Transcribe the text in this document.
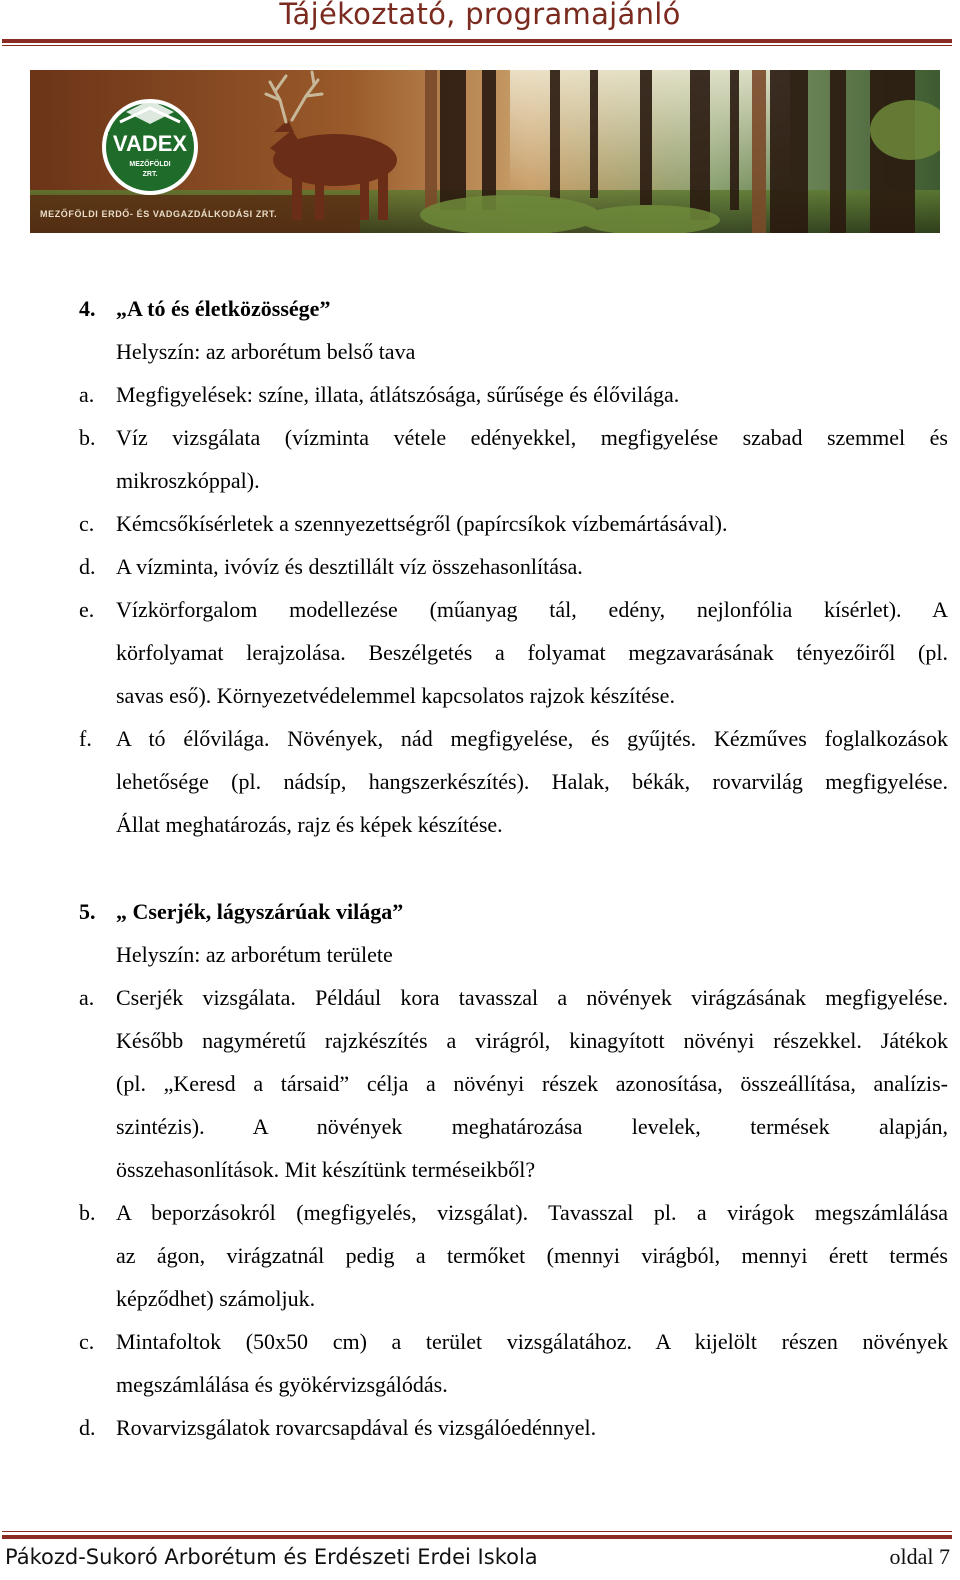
Tájékoztató, programajánló
VADEX
MEZŐFÖLDI
ZRT.
MEZŐFÖLDI ERDŐ- ÉS VADGAZDÁLKODÁSI ZRT.
4. „A tó és életközössége”
Helyszín: az arborétum belső tava
a. Megfigyelések: színe, illata, átlátszósága, sűrűsége és élővilága.
b. Víz vizsgálata (vízminta vétele edényekkel, megfigyelése szabad szemmel és
mikroszkóppal).
c. Kémcsőkísérletek a szennyezettségről (papírcsíkok vízbemártásával).
d. A vízminta, ivóvíz és desztillált víz összehasonlítása.
e. Vízkörforgalom modellezése (műanyag tál, edény, nejlonfólia kísérlet). A
körfolyamat lerajzolása. Beszélgetés a folyamat megzavarásának tényezőiről (pl.
savas eső). Környezetvédelemmel kapcsolatos rajzok készítése.
f. A tó élővilága. Növények, nád megfigyelése, és gyűjtés. Kézműves foglalkozások
lehetősége (pl. nádsíp, hangszerkészítés). Halak, békák, rovarvilág megfigyelése.
Állat meghatározás, rajz és képek készítése.
5. „ Cserjék, lágyszárúak világa”
Helyszín: az arborétum területe
a. Cserjék vizsgálata. Például kora tavasszal a növények virágzásának megfigyelése.
Később nagyméretű rajzkészítés a virágról, kinagyított növényi részekkel. Játékok
(pl. „Keresd a társaid” célja a növényi részek azonosítása, összeállítása, analízis-
szintézis). A növények meghatározása levelek, termések alapján,
összehasonlítások. Mit készítünk terméseikből?
b. A beporzásokról (megfigyelés, vizsgálat). Tavasszal pl. a virágok megszámlálása
az ágon, virágzatnál pedig a termőket (mennyi virágból, mennyi érett termés
képződhet) számoljuk.
c. Mintafoltok (50x50 cm) a terület vizsgálatához. A kijelölt részen növények
megszámlálása és gyökérvizsgálódás.
d. Rovarvizsgálatok rovarcsapdával és vizsgálóedénnyel.
Pákozd-Sukoró Arborétum és Erdészeti Erdei Iskola	oldal 7
